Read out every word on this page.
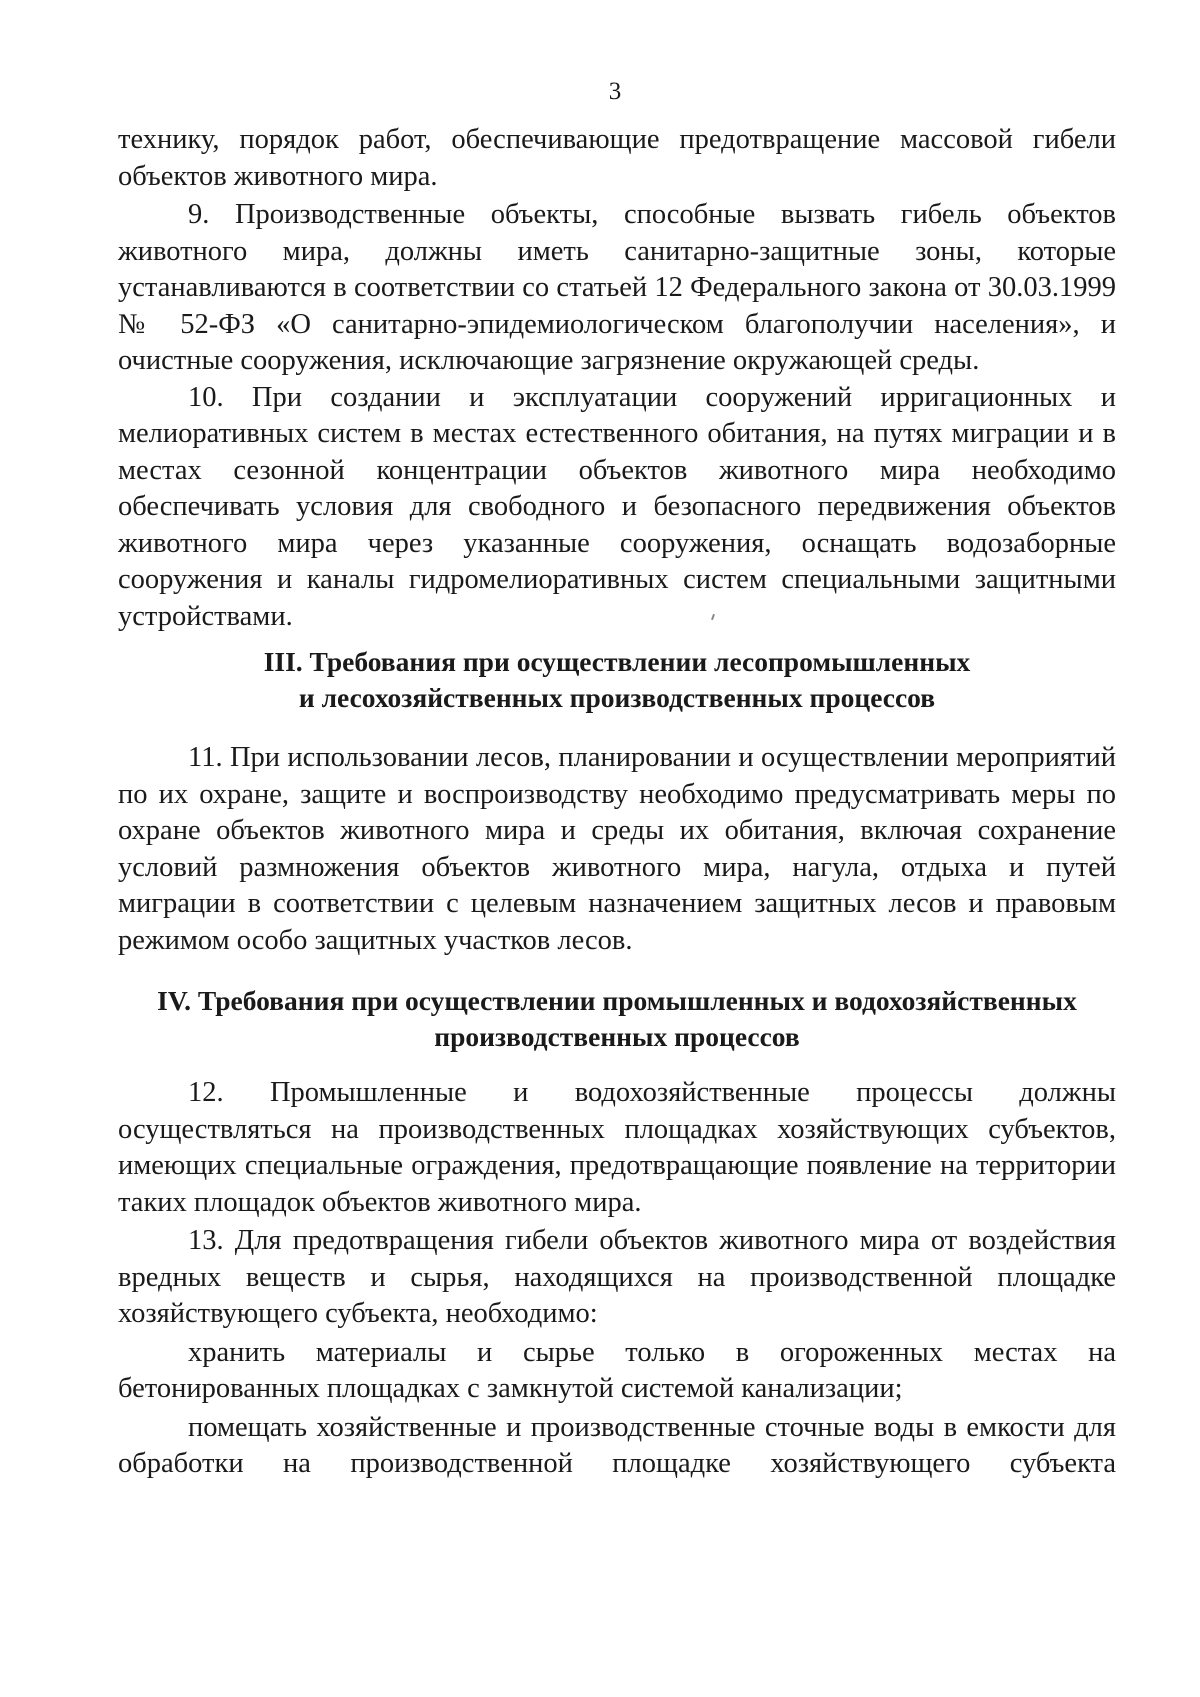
3

технику, порядок работ, обеспечивающие предотвращение массовой гибели объектов животного мира.

9. Производственные объекты, способные вызвать гибель объектов животного мира, должны иметь санитарно-защитные зоны, которые устанавливаются в соответствии со статьей 12 Федерального закона от 30.03.1999 № 52-ФЗ «О санитарно-эпидемиологическом благополучии населения», и очистные сооружения, исключающие загрязнение окружающей среды.

10. При создании и эксплуатации сооружений ирригационных и мелиоративных систем в местах естественного обитания, на путях миграции и в местах сезонной концентрации объектов животного мира необходимо обеспечивать условия для свободного и безопасного передвижения объектов животного мира через указанные сооружения, оснащать водозаборные сооружения и каналы гидромелиоративных систем специальными защитными устройствами.

III. Требования при осуществлении лесопромышленных
и лесохозяйственных производственных процессов

11. При использовании лесов, планировании и осуществлении мероприятий по их охране, защите и воспроизводству необходимо предусматривать меры по охране объектов животного мира и среды их обитания, включая сохранение условий размножения объектов животного мира, нагула, отдыха и путей миграции в соответствии с целевым назначением защитных лесов и правовым режимом особо защитных участков лесов.

IV. Требования при осуществлении промышленных и водохозяйственных
производственных процессов

12. Промышленные и водохозяйственные процессы должны осуществляться на производственных площадках хозяйствующих субъектов, имеющих специальные ограждения, предотвращающие появление на территории таких площадок объектов животного мира.

13. Для предотвращения гибели объектов животного мира от воздействия вредных веществ и сырья, находящихся на производственной площадке хозяйствующего субъекта, необходимо:

хранить материалы и сырье только в огороженных местах на бетонированных площадках с замкнутой системой канализации;

помещать хозяйственные и производственные сточные воды в емкости для обработки на производственной площадке хозяйствующего субъекта
